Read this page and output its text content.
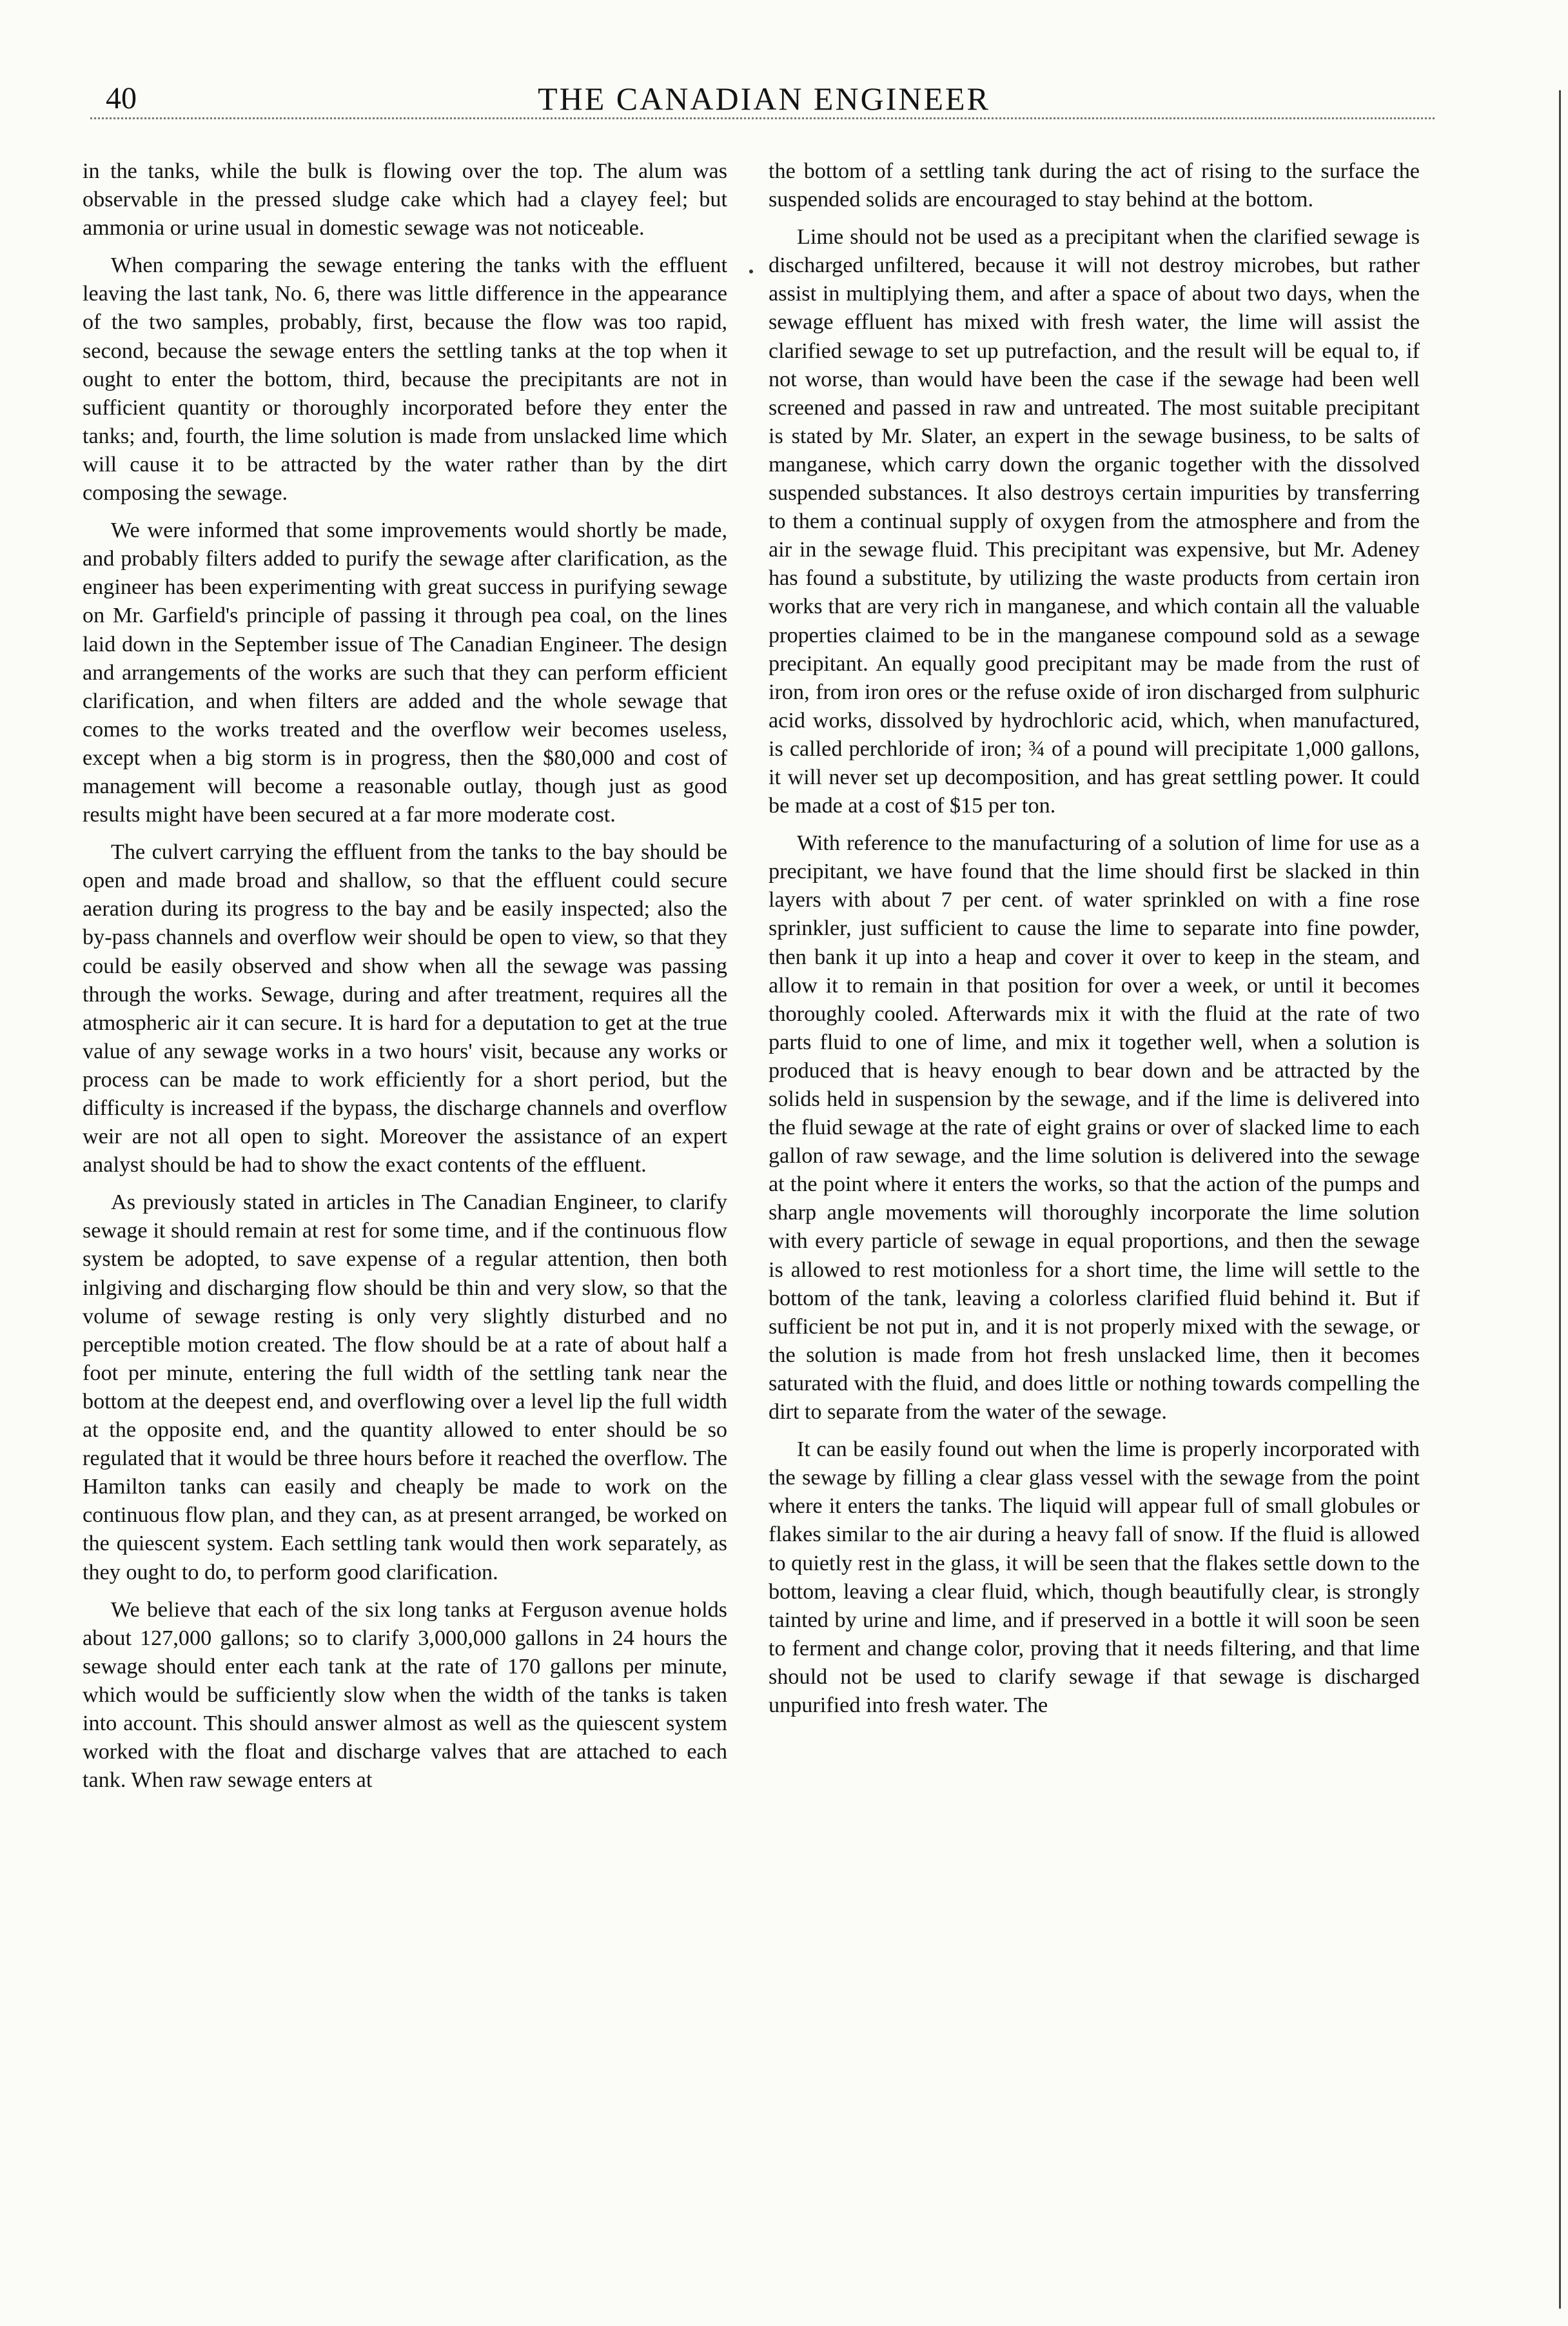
40	THE CANADIAN ENGINEER

in the tanks, while the bulk is flowing over the top. The alum was observable in the pressed sludge cake which had a clayey feel; but ammonia or urine usual in domestic sewage was not noticeable.

When comparing the sewage entering the tanks with the effluent leaving the last tank, No. 6, there was little difference in the appearance of the two samples, probably, first, because the flow was too rapid, second, because the sewage enters the settling tanks at the top when it ought to enter the bottom, third, because the precipitants are not in sufficient quantity or thoroughly incorporated before they enter the tanks; and, fourth, the lime solution is made from unslacked lime which will cause it to be attracted by the water rather than by the dirt composing the sewage.

We were informed that some improvements would shortly be made, and probably filters added to purify the sewage after clarification, as the engineer has been experimenting with great success in purifying sewage on Mr. Garfield's principle of passing it through pea coal, on the lines laid down in the September issue of The Canadian Engineer. The design and arrangements of the works are such that they can perform efficient clarification, and when filters are added and the whole sewage that comes to the works treated and the overflow weir becomes useless, except when a big storm is in progress, then the $80,000 and cost of management will become a reasonable outlay, though just as good results might have been secured at a far more moderate cost.

The culvert carrying the effluent from the tanks to the bay should be open and made broad and shallow, so that the effluent could secure aeration during its progress to the bay and be easily inspected; also the by-pass channels and overflow weir should be open to view, so that they could be easily observed and show when all the sewage was passing through the works. Sewage, during and after treatment, requires all the atmospheric air it can secure. It is hard for a deputation to get at the true value of any sewage works in a two hours' visit, because any works or process can be made to work efficiently for a short period, but the difficulty is increased if the bypass, the discharge channels and overflow weir are not all open to sight. Moreover the assistance of an expert analyst should be had to show the exact contents of the effluent.

As previously stated in articles in The Canadian Engineer, to clarify sewage it should remain at rest for some time, and if the continuous flow system be adopted, to save expense of a regular attention, then both inlgiving and discharging flow should be thin and very slow, so that the volume of sewage resting is only very slightly disturbed and no perceptible motion created. The flow should be at a rate of about half a foot per minute, entering the full width of the settling tank near the bottom at the deepest end, and overflowing over a level lip the full width at the opposite end, and the quantity allowed to enter should be so regulated that it would be three hours before it reached the overflow. The Hamilton tanks can easily and cheaply be made to work on the continuous flow plan, and they can, as at present arranged, be worked on the quiescent system. Each settling tank would then work separately, as they ought to do, to perform good clarification.

We believe that each of the six long tanks at Ferguson avenue holds about 127,000 gallons; so to clarify 3,000,000 gallons in 24 hours the sewage should enter each tank at the rate of 170 gallons per minute, which would be sufficiently slow when the width of the tanks is taken into account. This should answer almost as well as the quiescent system worked with the float and discharge valves that are attached to each tank. When raw sewage enters at

the bottom of a settling tank during the act of rising to the surface the suspended solids are encouraged to stay behind at the bottom.

Lime should not be used as a precipitant when the clarified sewage is discharged unfiltered, because it will not destroy microbes, but rather assist in multiplying them, and after a space of about two days, when the sewage effluent has mixed with fresh water, the lime will assist the clarified sewage to set up putrefaction, and the result will be equal to, if not worse, than would have been the case if the sewage had been well screened and passed in raw and untreated. The most suitable precipitant is stated by Mr. Slater, an expert in the sewage business, to be salts of manganese, which carry down the organic together with the dissolved suspended substances. It also destroys certain impurities by transferring to them a continual supply of oxygen from the atmosphere and from the air in the sewage fluid. This precipitant was expensive, but Mr. Adeney has found a substitute, by utilizing the waste products from certain iron works that are very rich in manganese, and which contain all the valuable properties claimed to be in the manganese compound sold as a sewage precipitant. An equally good precipitant may be made from the rust of iron, from iron ores or the refuse oxide of iron discharged from sulphuric acid works, dissolved by hydrochloric acid, which, when manufactured, is called perchloride of iron; ¾ of a pound will precipitate 1,000 gallons, it will never set up decomposition, and has great settling power. It could be made at a cost of $15 per ton.

With reference to the manufacturing of a solution of lime for use as a precipitant, we have found that the lime should first be slacked in thin layers with about 7 per cent. of water sprinkled on with a fine rose sprinkler, just sufficient to cause the lime to separate into fine powder, then bank it up into a heap and cover it over to keep in the steam, and allow it to remain in that position for over a week, or until it becomes thoroughly cooled. Afterwards mix it with the fluid at the rate of two parts fluid to one of lime, and mix it together well, when a solution is produced that is heavy enough to bear down and be attracted by the solids held in suspension by the sewage, and if the lime is delivered into the fluid sewage at the rate of eight grains or over of slacked lime to each gallon of raw sewage, and the lime solution is delivered into the sewage at the point where it enters the works, so that the action of the pumps and sharp angle movements will thoroughly incorporate the lime solution with every particle of sewage in equal proportions, and then the sewage is allowed to rest motionless for a short time, the lime will settle to the bottom of the tank, leaving a colorless clarified fluid behind it. But if sufficient be not put in, and it is not properly mixed with the sewage, or the solution is made from hot fresh unslacked lime, then it becomes saturated with the fluid, and does little or nothing towards compelling the dirt to separate from the water of the sewage.

It can be easily found out when the lime is properly incorporated with the sewage by filling a clear glass vessel with the sewage from the point where it enters the tanks. The liquid will appear full of small globules or flakes similar to the air during a heavy fall of snow. If the fluid is allowed to quietly rest in the glass, it will be seen that the flakes settle down to the bottom, leaving a clear fluid, which, though beautifully clear, is strongly tainted by urine and lime, and if preserved in a bottle it will soon be seen to ferment and change color, proving that it needs filtering, and that lime should not be used to clarify sewage if that sewage is discharged unpurified into fresh water. The
